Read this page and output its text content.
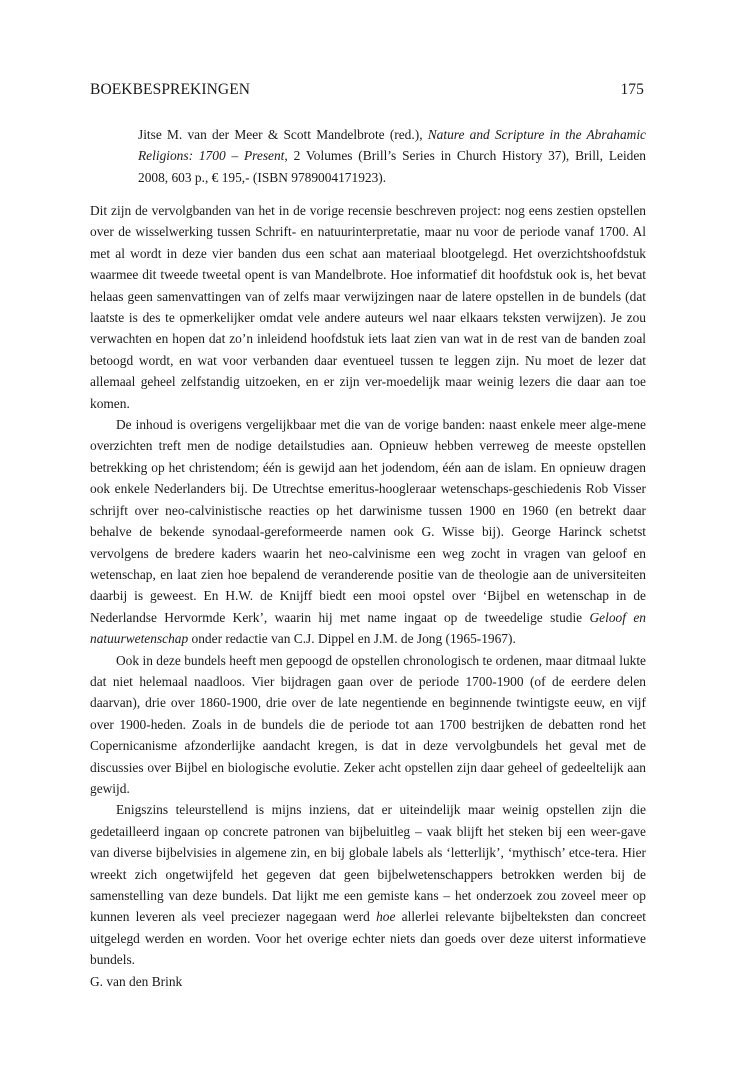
BOEKBESPREKINGEN	175
Jitse M. van der Meer & Scott Mandelbrote (red.), Nature and Scripture in the Abrahamic Religions: 1700 – Present, 2 Volumes (Brill’s Series in Church History 37), Brill, Leiden 2008, 603 p., € 195,- (ISBN 9789004171923).

Dit zijn de vervolgbanden van het in de vorige recensie beschreven project: nog eens zestien opstellen over de wisselwerking tussen Schrift- en natuurinterpretatie, maar nu voor de periode vanaf 1700. Al met al wordt in deze vier banden dus een schat aan materiaal blootgelegd. Het overzichtshoofdstuk waarmee dit tweede tweetal opent is van Mandelbrote. Hoe informatief dit hoofdstuk ook is, het bevat helaas geen samenvattingen van of zelfs maar verwijzingen naar de latere opstellen in de bundels (dat laatste is des te opmerkelijker omdat vele andere auteurs wel naar elkaars teksten verwijzen). Je zou verwachten en hopen dat zo’n inleidend hoofdstuk iets laat zien van wat in de rest van de banden zoal betoogd wordt, en wat voor verbanden daar eventueel tussen te leggen zijn. Nu moet de lezer dat allemaal geheel zelfstandig uitzoeken, en er zijn ver-moedelijk maar weinig lezers die daar aan toe komen.

De inhoud is overigens vergelijkbaar met die van de vorige banden: naast enkele meer alge-mene overzichten treft men de nodige detailstudies aan. Opnieuw hebben verreweg de meeste opstellen betrekking op het christendom; één is gewijd aan het jodendom, één aan de islam. En opnieuw dragen ook enkele Nederlanders bij. De Utrechtse emeritus-hoogleraar wetenschaps-geschiedenis Rob Visser schrijft over neo-calvinistische reacties op het darwinisme tussen 1900 en 1960 (en betrekt daar behalve de bekende synodaal-gereformeerde namen ook G. Wisse bij). George Harinck schetst vervolgens de bredere kaders waarin het neo-calvinisme een weg zocht in vragen van geloof en wetenschap, en laat zien hoe bepalend de veranderende positie van de theologie aan de universiteiten daarbij is geweest. En H.W. de Knijff biedt een mooi opstel over ‘Bijbel en wetenschap in de Nederlandse Hervormde Kerk’, waarin hij met name ingaat op de tweedelige studie Geloof en natuurwetenschap onder redactie van C.J. Dippel en J.M. de Jong (1965-1967).

Ook in deze bundels heeft men gepoogd de opstellen chronologisch te ordenen, maar ditmaal lukte dat niet helemaal naadloos. Vier bijdragen gaan over de periode 1700-1900 (of de eerdere delen daarvan), drie over 1860-1900, drie over de late negentiende en beginnende twintigste eeuw, en vijf over 1900-heden. Zoals in de bundels die de periode tot aan 1700 bestrijken de debatten rond het Copernicanisme afzonderlijke aandacht kregen, is dat in deze vervolgbundels het geval met de discussies over Bijbel en biologische evolutie. Zeker acht opstellen zijn daar geheel of gedeeltelijk aan gewijd.

Enigszins teleurstellend is mijns inziens, dat er uiteindelijk maar weinig opstellen zijn die gedetailleerd ingaan op concrete patronen van bijbeluitleg – vaak blijft het steken bij een weer-gave van diverse bijbelvisies in algemene zin, en bij globale labels als ‘letterlijk’, ‘mythisch’ etce-tera. Hier wreekt zich ongetwijfeld het gegeven dat geen bijbelwetenschappers betrokken werden bij de samenstelling van deze bundels. Dat lijkt me een gemiste kans – het onderzoek zou zoveel meer op kunnen leveren als veel preciezer nagegaan werd hoe allerlei relevante bijbelteksten dan concreet uitgelegd werden en worden. Voor het overige echter niets dan goeds over deze uiterst informatieve bundels.

G. van den Brink
